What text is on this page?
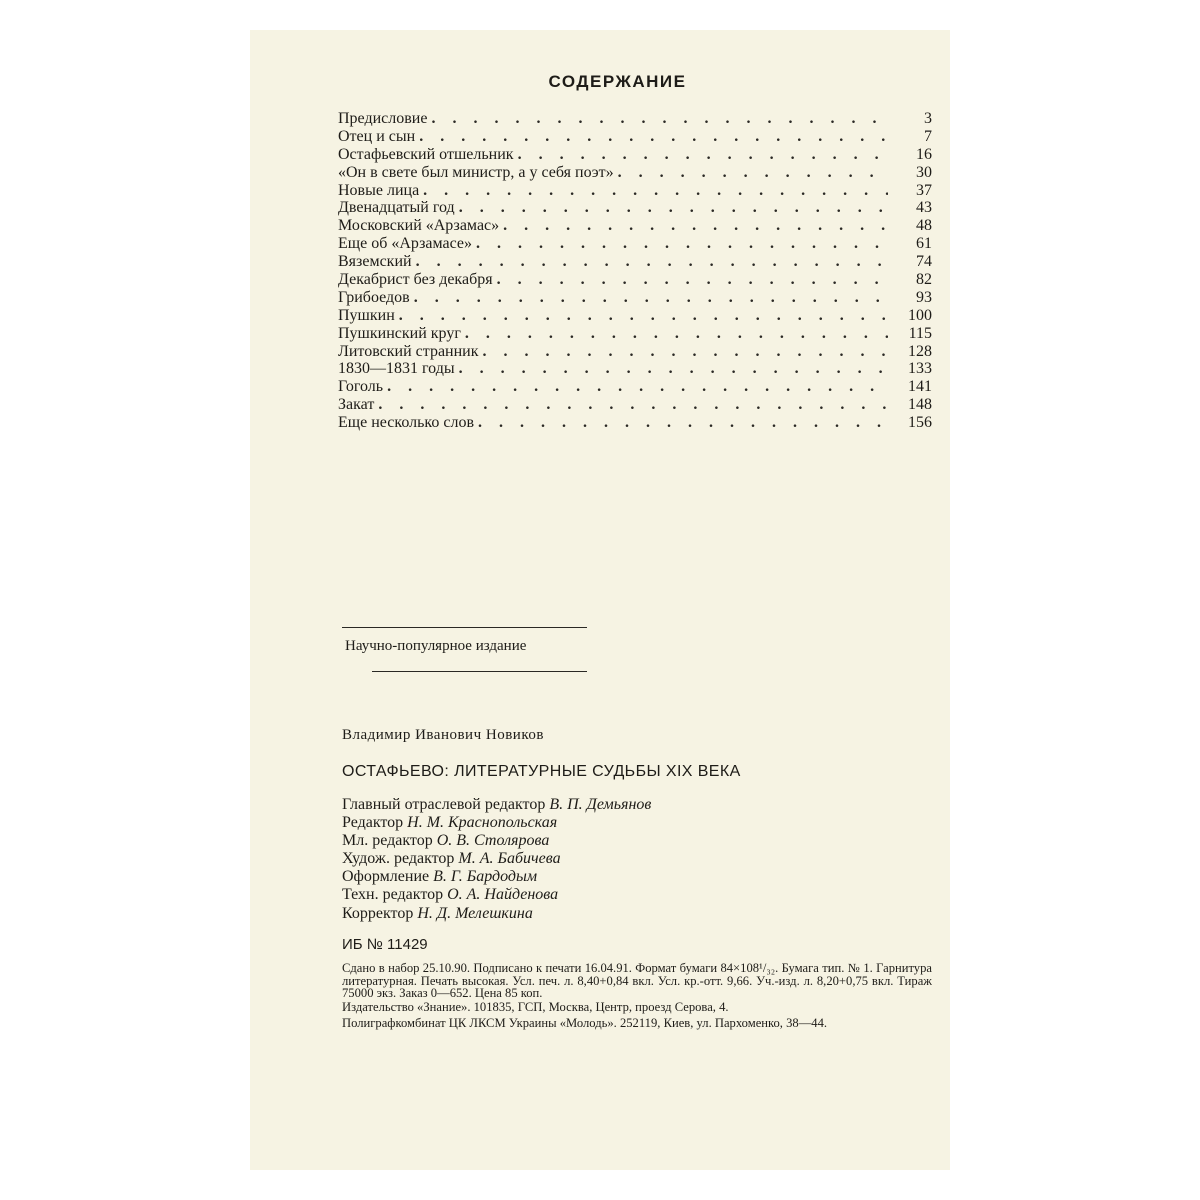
СОДЕРЖАНИЕ
Предисловие . . .	3
Отец и сын . . .	7
Остафьевский отшельник . . .	16
«Он в свете был министр, а у себя поэт» . . .	30
Новые лица . . .	37
Двенадцатый год . . .	43
Московский «Арзамас» . . .	48
Еще об «Арзамасе» . . .	61
Вяземский . . .	74
Декабрист без декабря . . .	82
Грибоедов . . .	93
Пушкин . . .	100
Пушкинский круг . . .	115
Литовский странник . . .	128
1830—1831 годы . . .	133
Гоголь . . .	141
Закат . . .	148
Еще несколько слов . . .	156
Научно-популярное издание
Владимир Иванович Новиков
ОСТАФЬЕВО: ЛИТЕРАТУРНЫЕ СУДЬБЫ XIX ВЕКА
Главный отраслевой редактор В. П. Демьянов
Редактор Н. М. Краснопольская
Мл. редактор О. В. Столярова
Худож. редактор М. А. Бабичева
Оформление В. Г. Бардодым
Техн. редактор О. А. Найденова
Корректор Н. Д. Мелешкина
ИБ № 11429

Сдано в набор 25.10.90. Подписано к печати 16.04.91. Формат бумаги 84×108¹/₃₂. Бумага тип. № 1. Гарнитура литературная. Печать высокая. Усл. печ. л. 8,40+0,84 вкл. Усл. кр.-отт. 9,66. Уч.-изд. л. 8,20+0,75 вкл. Тираж 75000 экз. Заказ 0—652. Цена 85 коп.

Издательство «Знание». 101835, ГСП, Москва, Центр, проезд Серова, 4.

Полиграфкомбинат ЦК ЛКСМ Украины «Молодь». 252119, Киев, ул. Пархоменко, 38—44.
